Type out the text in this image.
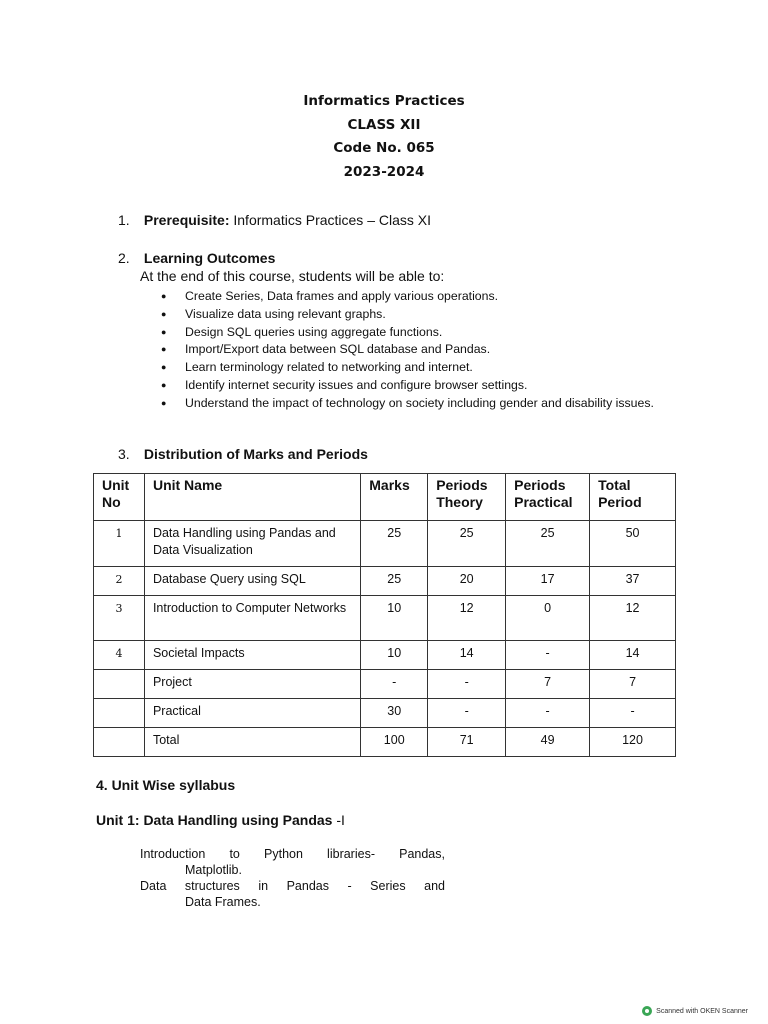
Informatics Practices
CLASS XII
Code No. 065
2023-2024
1. Prerequisite: Informatics Practices – Class XI
2. Learning Outcomes
At the end of this course, students will be able to:
● Create Series, Data frames and apply various operations.
● Visualize data using relevant graphs.
● Design SQL queries using aggregate functions.
● Import/Export data between SQL database and Pandas.
● Learn terminology related to networking and internet.
● Identify internet security issues and configure browser settings.
● Understand the impact of technology on society including gender and disability issues.
3. Distribution of Marks and Periods
Unit No	Unit Name	Marks	Periods Theory	Periods Practical	Total Period
1	Data Handling using Pandas and Data Visualization	25	25	25	50
2	Database Query using SQL	25	20	17	37
3	Introduction to Computer Networks	10	12	0	12
4	Societal Impacts	10	14	-	14
	Project	-	-	7	7
	Practical	30	-	-	-
	Total	100	71	49	120
4. Unit Wise syllabus
Unit 1: Data Handling using Pandas -I
Introduction to Python libraries- Pandas,
Matplotlib.
Data structures in Pandas - Series and
Data Frames.
Scanned with OKEN Scanner
